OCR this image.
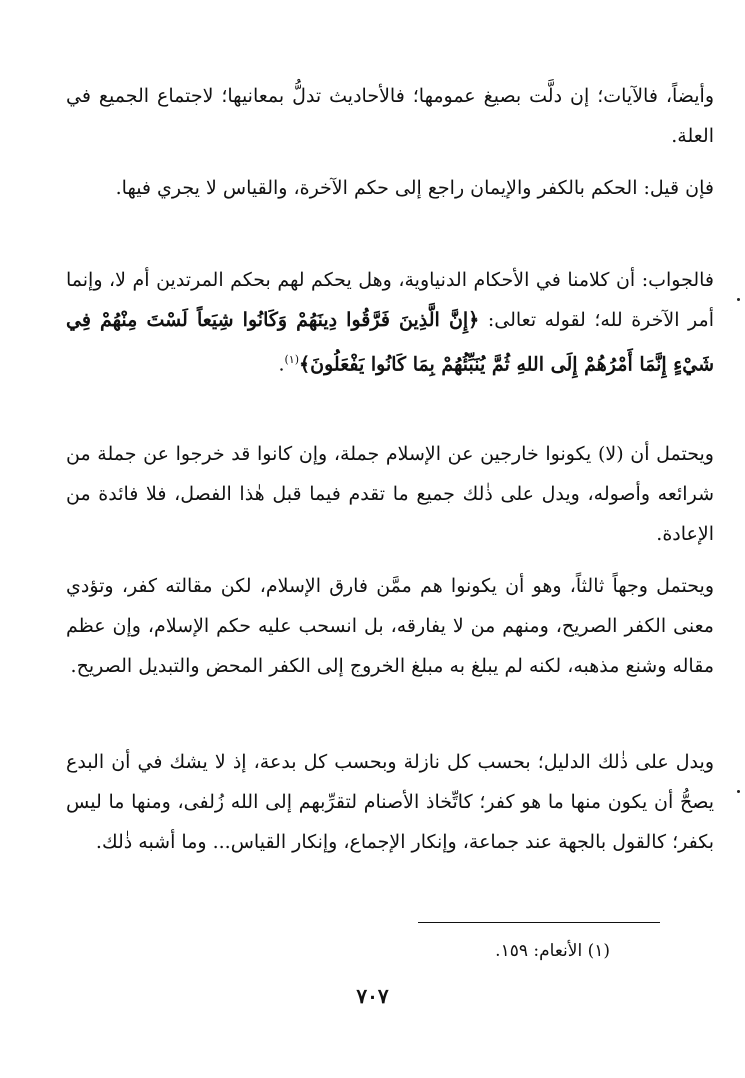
وأيضاً، فالآيات؛ إن دلَّت بصيغ عمومها؛ فالأحاديث تدلُّ بمعانيها؛ لاجتماع الجميع في العلة.

فإن قيل: الحكم بالكفر والإيمان راجع إلى حكم الآخرة، والقياس لا يجري فيها.

فالجواب: أن كلامنا في الأحكام الدنياوية، وهل يحكم لهم بحكم المرتدين أم لا، وإنما أمر الآخرة لله؛ لقوله تعالى: ﴿إِنَّ الَّذِينَ فَرَّقُوا دِينَهُمْ وَكَانُوا شِيَعاً لَسْتَ مِنْهُمْ فِي شَيْءٍ إِنَّمَا أَمْرُهُمْ إِلَى اللهِ ثُمَّ يُنَبِّئُهُمْ بِمَا كَانُوا يَفْعَلُونَ﴾$^{(١)}$.

ويحتمل أن (لا) يكونوا خارجين عن الإسلام جملة، وإن كانوا قد خرجوا عن جملة من شرائعه وأصوله، ويدل على ذٰلك جميع ما تقدم فيما قبل هٰذا الفصل، فلا فائدة من الإعادة.

ويحتمل وجهاً ثالثاً، وهو أن يكونوا هم ممَّن فارق الإسلام، لكن مقالته كفر، وتؤدي معنى الكفر الصريح، ومنهم من لا يفارقه، بل انسحب عليه حكم الإسلام، وإن عظم مقاله وشنع مذهبه، لكنه لم يبلغ به مبلغ الخروج إلى الكفر المحض والتبديل الصريح.

ويدل على ذٰلك الدليل؛ بحسب كل نازلة وبحسب كل بدعة، إذ لا يشك في أن البدع يصحُّ أن يكون منها ما هو كفر؛ كاتِّخاذ الأصنام لتقرِّبهم إلى الله زُلفى، ومنها ما ليس بكفر؛ كالقول بالجهة عند جماعة، وإنكار الإجماع، وإنكار القياس... وما أشبه ذٰلك.

(١) الأنعام: ١٥٩.
٧٠٧
